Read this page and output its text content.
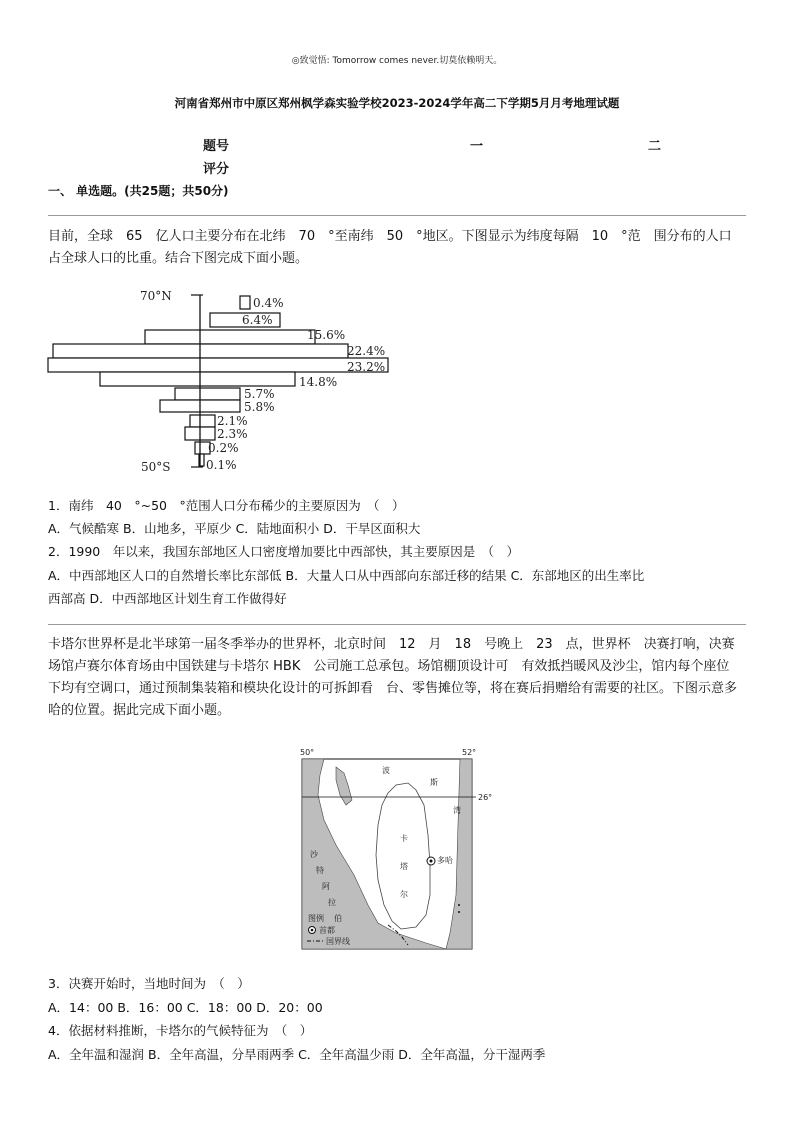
◎致觉悟: Tomorrow comes never.切莫依赖明天。
河南省郑州市中原区郑州枫学森实验学校2023-2024学年高二下学期5月月考地理试题
题号	一	二
评分
一、 单选题。(共25题；共50分)
目前，全球　65　亿人口主要分布在北纬　70　°至南纬　50　°地区。下图显示为纬度每隔　10　°范　围分布的人口占全球人口的比重。结合下图完成下面小题。
70°N
50°S
0.4%
6.4%
15.6%
22.4%
23.2%
14.8%
5.7%
5.8%
2.1%
2.3%
0.2%
0.1%
1．南纬　40　°~50　°范围人口分布稀少的主要原因为　（　）
A．气候酷寒 B．山地多，平原少 C．陆地面积小 D．干旱区面积大
2．1990　年以来，我国东部地区人口密度增加要比中西部快，其主要原因是　（　）
A．中西部地区人口的自然增长率比东部低 B．大量人口从中西部向东部迁移的结果 C．东部地区的出生率比
西部高 D．中西部地区计划生育工作做得好
卡塔尔世界杯是北半球第一届冬季举办的世界杯，北京时间　12　月　18　号晚上　23　点，世界杯　决赛打响，决赛场馆卢赛尔体育场由中国铁建与卡塔尔 HBK　公司施工总承包。场馆棚顶设计可　有效抵挡暖风及沙尘，馆内每个座位下均有空调口，通过预制集装箱和模块化设计的可拆卸看　台、零售摊位等，将在赛后捐赠给有需要的社区。下图示意多哈的位置。据此完成下面小题。
50°	52°
26°
波
斯
湾
卡
塔
尔
沙
特
阿
拉
伯
多哈
图例
首都
国界线
3．决赛开始时，当地时间为　（　）
A．14：00 B．16：00 C．18：00 D．20：00
4．依据材料推断，卡塔尔的气候特征为　（　）
A．全年温和湿润 B．全年高温，分旱雨两季 C．全年高温少雨 D．全年高温，分干湿两季
